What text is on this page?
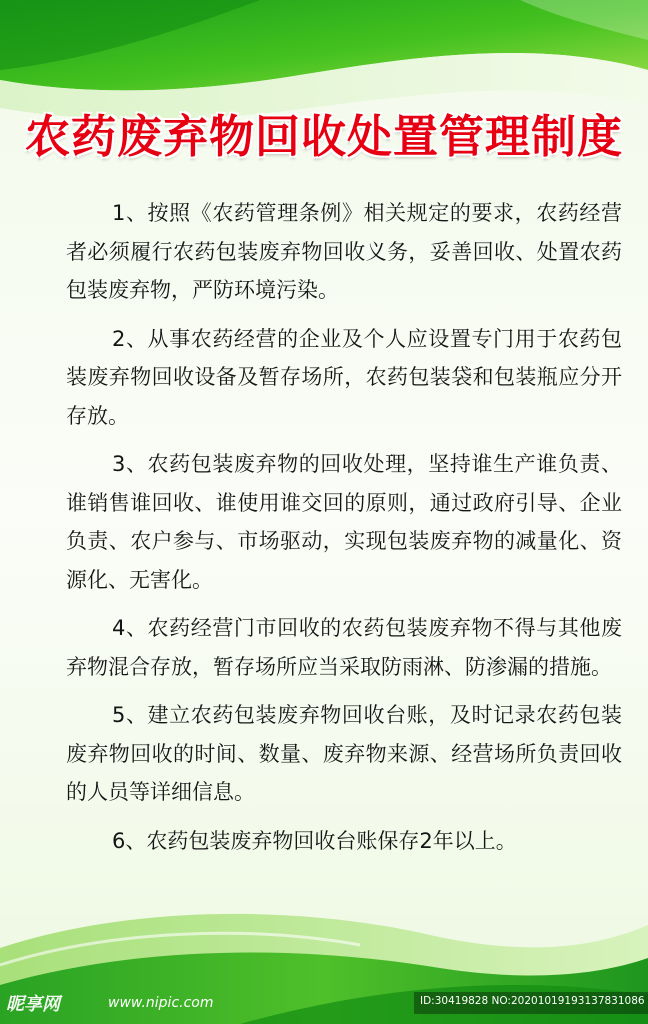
农药废弃物回收处置管理制度

1、按照《农药管理条例》相关规定的要求，农药经营者必须履行农药包装废弃物回收义务，妥善回收、处置农药包装废弃物，严防环境污染。

2、从事农药经营的企业及个人应设置专门用于农药包装废弃物回收设备及暂存场所，农药包装袋和包装瓶应分开存放。

3、农药包装废弃物的回收处理，坚持谁生产谁负责、谁销售谁回收、谁使用谁交回的原则，通过政府引导、企业负责、农户参与、市场驱动，实现包装废弃物的减量化、资源化、无害化。

4、农药经营门市回收的农药包装废弃物不得与其他废弃物混合存放，暂存场所应当采取防雨淋、防渗漏的措施。

5、建立农药包装废弃物回收台账，及时记录农药包装废弃物回收的时间、数量、废弃物来源、经营场所负责回收的人员等详细信息。

6、农药包装废弃物回收台账保存2年以上。

昵享网	www.nipic.com	ID:30419828 NO:20201019193137831086
